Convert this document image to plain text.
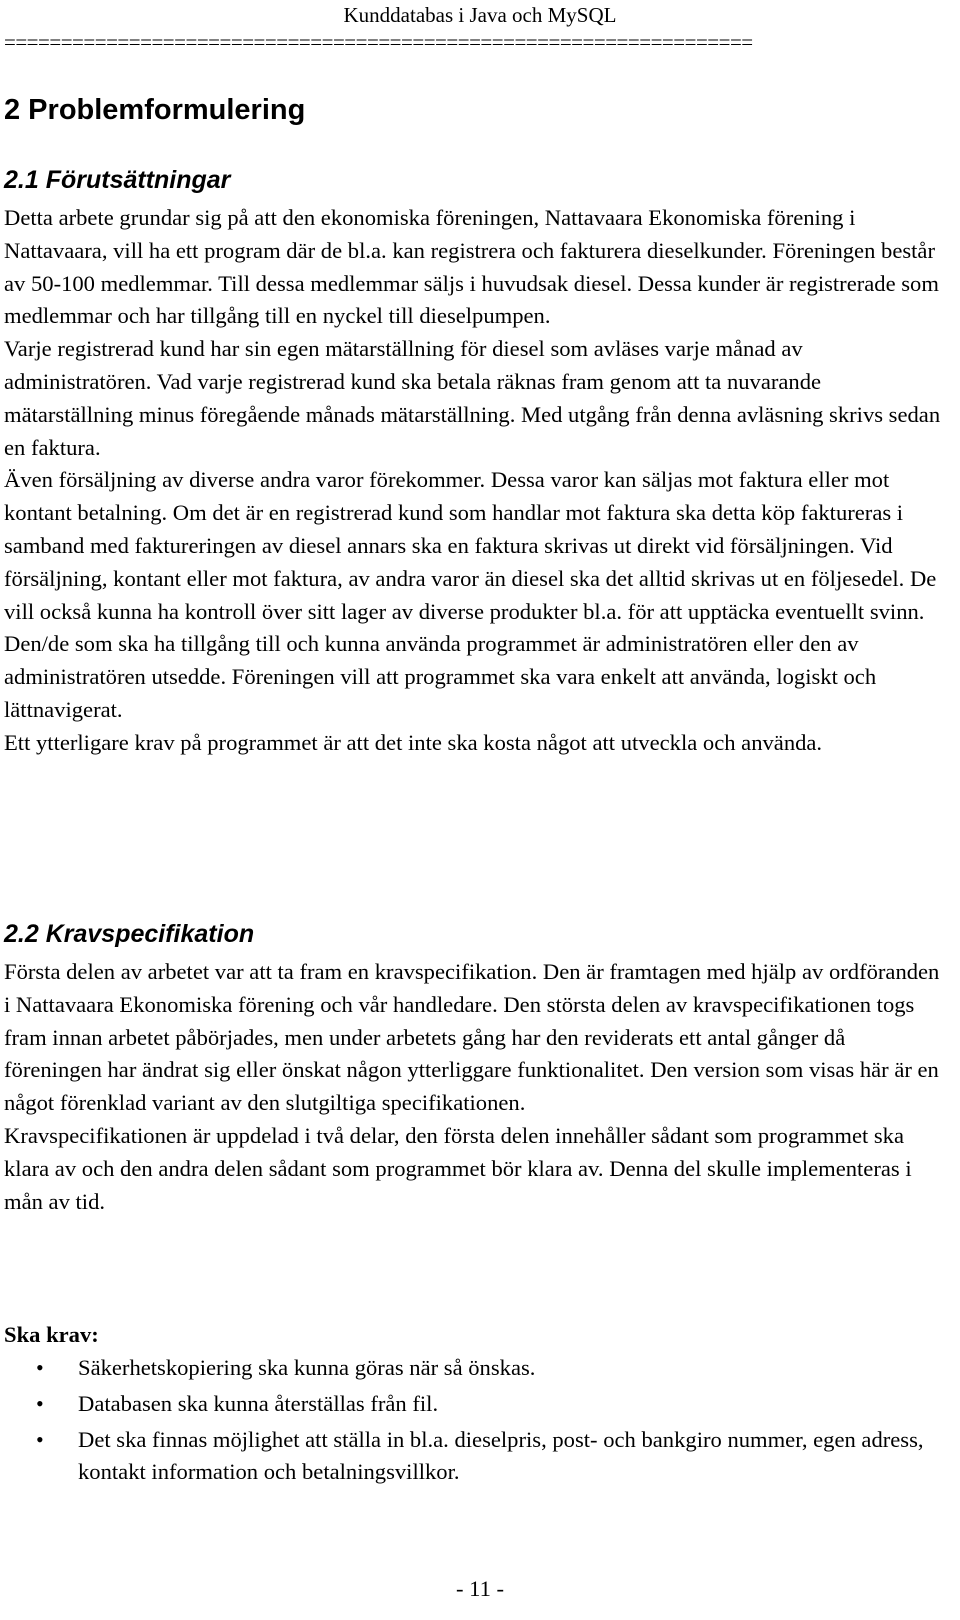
Kunddatabas i Java och MySQL
==================================================================
2 Problemformulering
2.1 Förutsättningar

Detta arbete grundar sig på att den ekonomiska föreningen, Nattavaara Ekonomiska förening i Nattavaara, vill ha ett program där de bl.a. kan registrera och fakturera dieselkunder. Föreningen består av 50-100 medlemmar. Till dessa medlemmar säljs i huvudsak diesel. Dessa kunder är registrerade som medlemmar och har tillgång till en nyckel till dieselpumpen.

Varje registrerad kund har sin egen mätarställning för diesel som avläses varje månad av administratören. Vad varje registrerad kund ska betala räknas fram genom att ta nuvarande mätarställning minus föregående månads mätarställning. Med utgång från denna avläsning skrivs sedan en faktura.

Även försäljning av diverse andra varor förekommer. Dessa varor kan säljas mot faktura eller mot kontant betalning. Om det är en registrerad kund som handlar mot faktura ska detta köp faktureras i samband med faktureringen av diesel annars ska en faktura skrivas ut direkt vid försäljningen. Vid försäljning, kontant eller mot faktura, av andra varor än diesel ska det alltid skrivas ut en följesedel. De vill också kunna ha kontroll över sitt lager av diverse produkter bl.a. för att upptäcka eventuellt svinn.

Den/de som ska ha tillgång till och kunna använda programmet är administratören eller den av administratören utsedde. Föreningen vill att programmet ska vara enkelt att använda, logiskt och lättnavigerat.

Ett ytterligare krav på programmet är att det inte ska kosta något att utveckla och använda.

2.2 Kravspecifikation

Första delen av arbetet var att ta fram en kravspecifikation. Den är framtagen med hjälp av ordföranden i Nattavaara Ekonomiska förening och vår handledare. Den största delen av kravspecifikationen togs fram innan arbetet påbörjades, men under arbetets gång har den reviderats ett antal gånger då föreningen har ändrat sig eller önskat någon ytterliggare funktionalitet. Den version som visas här är en något förenklad variant av den slutgiltiga specifikationen.

Kravspecifikationen är uppdelad i två delar, den första delen innehåller sådant som programmet ska klara av och den andra delen sådant som programmet bör klara av. Denna del skulle implementeras i mån av tid.

Ska krav:
• Säkerhetskopiering ska kunna göras när så önskas.
• Databasen ska kunna återställas från fil.
• Det ska finnas möjlighet att ställa in bl.a. dieselpris, post- och bankgiro nummer, egen adress, kontakt information och betalningsvillkor.
- 11 -
